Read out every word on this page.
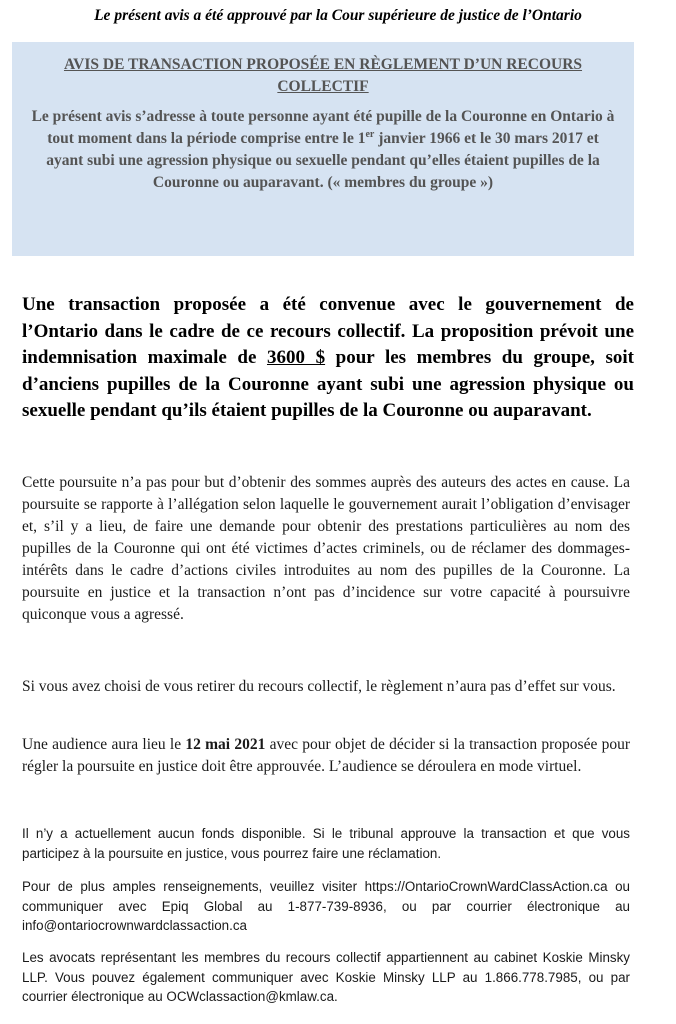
Le présent avis a été approuvé par la Cour supérieure de justice de l’Ontario
AVIS DE TRANSACTION PROPOSÉE EN RÈGLEMENT D’UN RECOURS COLLECTIF

Le présent avis s’adresse à toute personne ayant été pupille de la Couronne en Ontario à tout moment dans la période comprise entre le 1er janvier 1966 et le 30 mars 2017 et ayant subi une agression physique ou sexuelle pendant qu’elles étaient pupilles de la Couronne ou auparavant. (« membres du groupe »)

Une transaction proposée a été convenue avec le gouvernement de l’Ontario dans le cadre de ce recours collectif. La proposition prévoit une indemnisation maximale de 3600 $ pour les membres du groupe, soit d’anciens pupilles de la Couronne ayant subi une agression physique ou sexuelle pendant qu’ils étaient pupilles de la Couronne ou auparavant.

Cette poursuite n’a pas pour but d’obtenir des sommes auprès des auteurs des actes en cause. La poursuite se rapporte à l’allégation selon laquelle le gouvernement aurait l’obligation d’envisager et, s’il y a lieu, de faire une demande pour obtenir des prestations particulières au nom des pupilles de la Couronne qui ont été victimes d’actes criminels, ou de réclamer des dommages-intérêts dans le cadre d’actions civiles introduites au nom des pupilles de la Couronne. La poursuite en justice et la transaction n’ont pas d’incidence sur votre capacité à poursuivre quiconque vous a agressé.

Si vous avez choisi de vous retirer du recours collectif, le règlement n’aura pas d’effet sur vous.

Une audience aura lieu le 12 mai 2021 avec pour objet de décider si la transaction proposée pour régler la poursuite en justice doit être approuvée. L’audience se déroulera en mode virtuel.

Il n’y a actuellement aucun fonds disponible. Si le tribunal approuve la transaction et que vous participez à la poursuite en justice, vous pourrez faire une réclamation.

Pour de plus amples renseignements, veuillez visiter https://OntarioCrownWardClassAction.ca ou communiquer avec Epiq Global au 1-877-739-8936, ou par courrier électronique au info@ontariocrownwardclassaction.ca

Les avocats représentant les membres du recours collectif appartiennent au cabinet Koskie Minsky LLP. Vous pouvez également communiquer avec Koskie Minsky LLP au 1.866.778.7985, ou par courrier électronique au OCWclassaction@kmlaw.ca.
